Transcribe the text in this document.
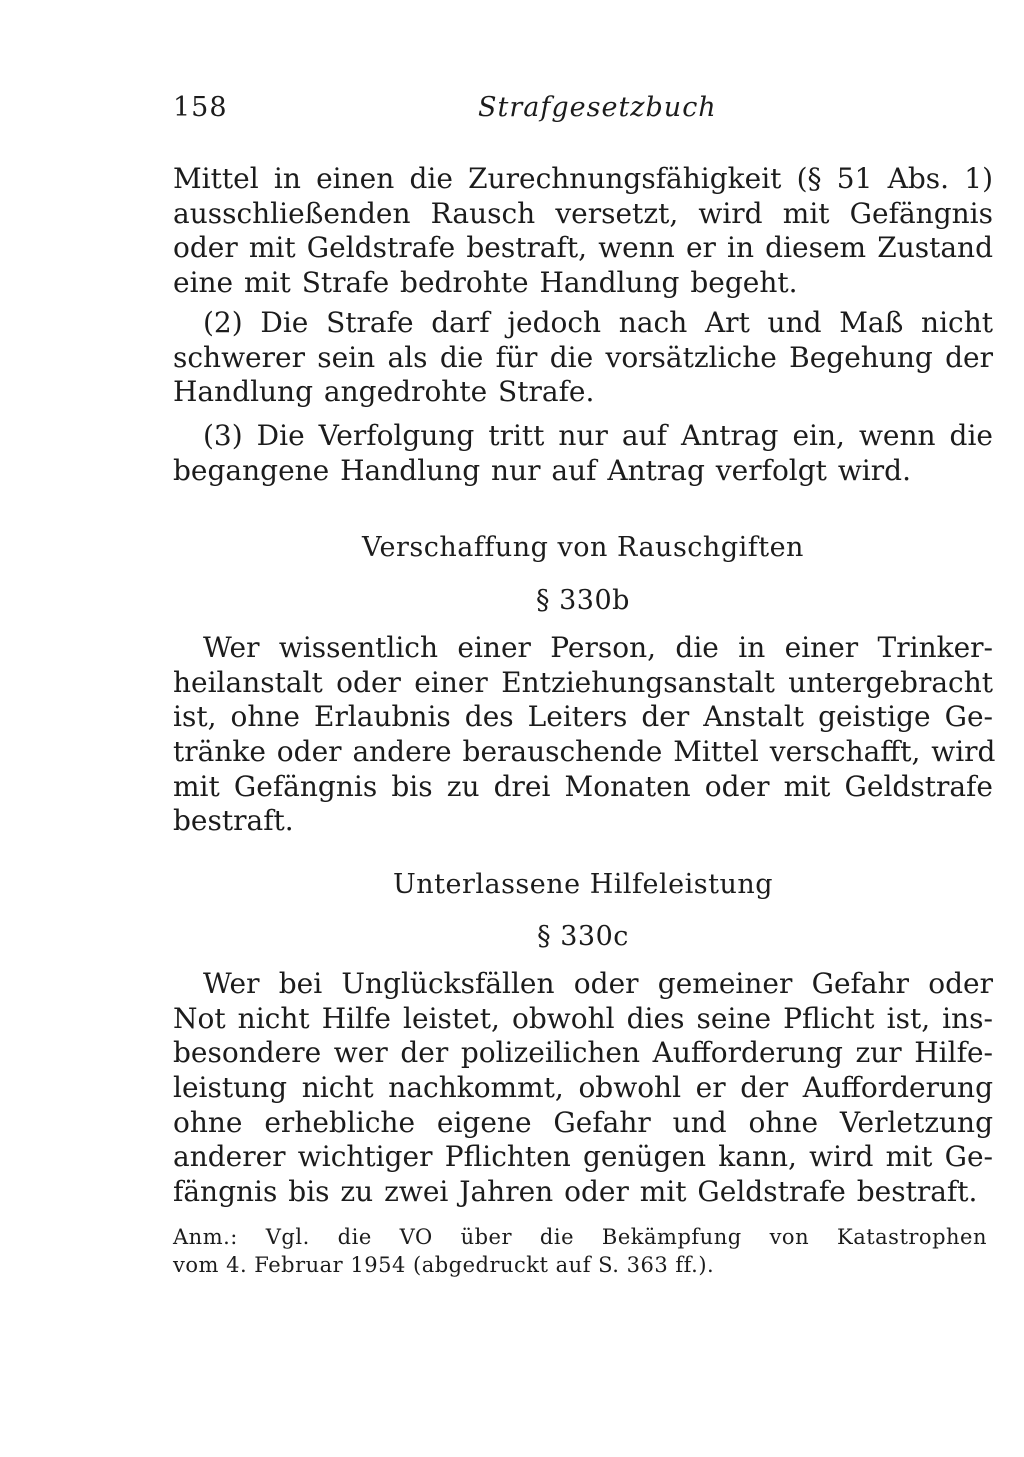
158	Strafgesetzbuch
Mittel in einen die Zurechnungsfähigkeit (§ 51 Abs. 1)
ausschließenden Rausch versetzt, wird mit Gefängnis
oder mit Geldstrafe bestraft, wenn er in diesem Zustand
eine mit Strafe bedrohte Handlung begeht.
(2) Die Strafe darf jedoch nach Art und Maß nicht
schwerer sein als die für die vorsätzliche Begehung der
Handlung angedrohte Strafe.
(3) Die Verfolgung tritt nur auf Antrag ein, wenn die
begangene Handlung nur auf Antrag verfolgt wird.
Verschaffung von Rauschgiften
§ 330b
Wer wissentlich einer Person, die in einer Trinker-
heilanstalt oder einer Entziehungsanstalt untergebracht
ist, ohne Erlaubnis des Leiters der Anstalt geistige Ge-
tränke oder andere berauschende Mittel verschafft, wird
mit Gefängnis bis zu drei Monaten oder mit Geldstrafe
bestraft.
Unterlassene Hilfeleistung
§ 330c
Wer bei Unglücksfällen oder gemeiner Gefahr oder
Not nicht Hilfe leistet, obwohl dies seine Pflicht ist, ins-
besondere wer der polizeilichen Aufforderung zur Hilfe-
leistung nicht nachkommt, obwohl er der Aufforderung
ohne erhebliche eigene Gefahr und ohne Verletzung
anderer wichtiger Pflichten genügen kann, wird mit Ge-
fängnis bis zu zwei Jahren oder mit Geldstrafe bestraft.
Anm.: Vgl. die VO über die Bekämpfung von Katastrophen
vom 4. Februar 1954 (abgedruckt auf S. 363 ff.).
